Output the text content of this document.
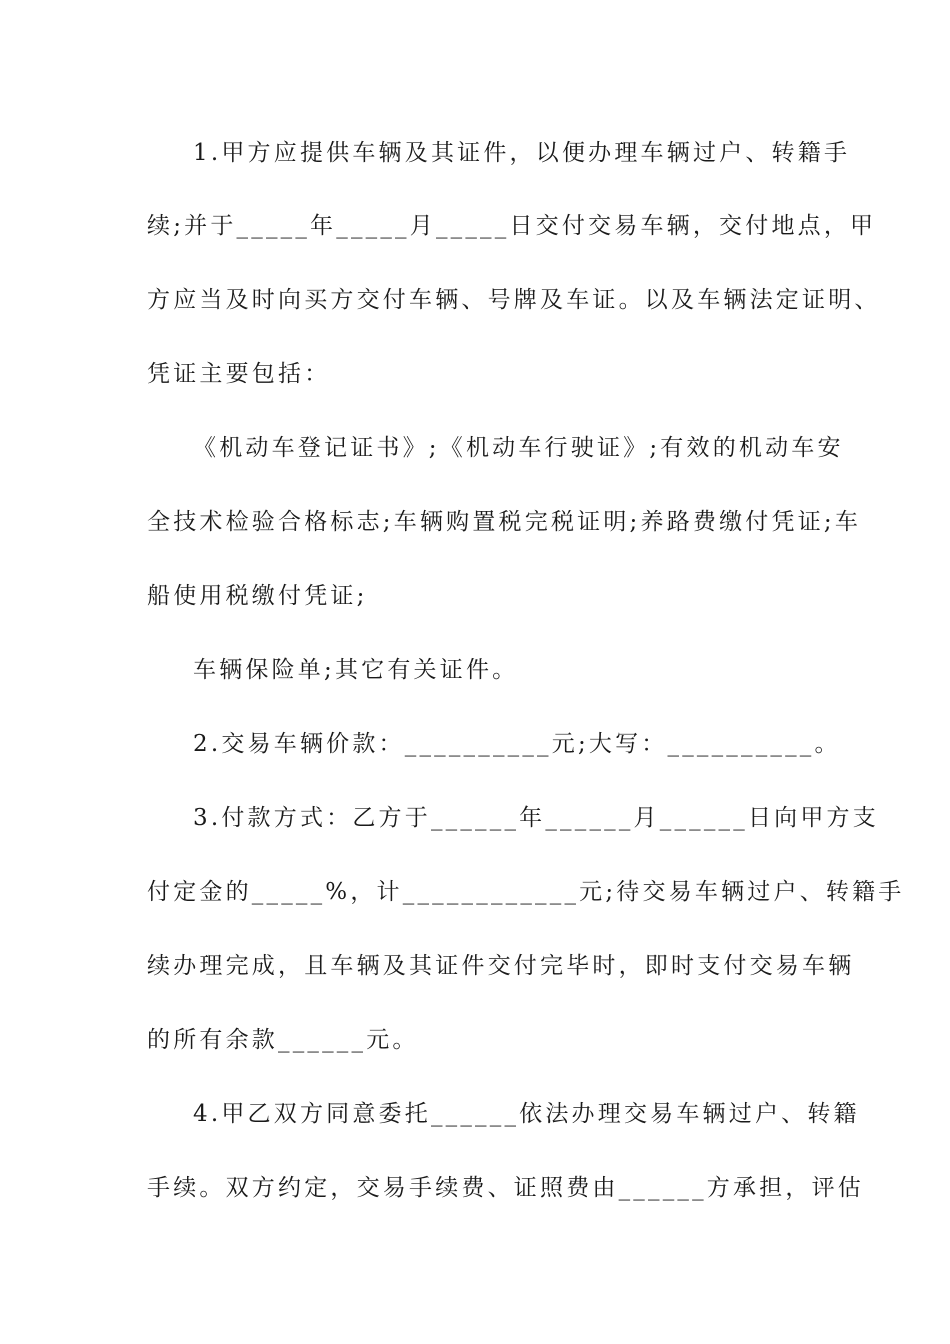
1.甲方应提供车辆及其证件，以便办理车辆过户、转籍手
续;并于_____年_____月_____日交付交易车辆，交付地点，甲
方应当及时向买方交付车辆、号牌及车证。以及车辆法定证明、
凭证主要包括：
《机动车登记证书》;《机动车行驶证》;有效的机动车安
全技术检验合格标志;车辆购置税完税证明;养路费缴付凭证;车
船使用税缴付凭证;
车辆保险单;其它有关证件。
2.交易车辆价款：__________元;大写：__________。
3.付款方式：乙方于______年______月______日向甲方支
付定金的_____%，计____________元;待交易车辆过户、转籍手
续办理完成，且车辆及其证件交付完毕时，即时支付交易车辆
的所有余款______元。
4.甲乙双方同意委托______依法办理交易车辆过户、转籍
手续。双方约定，交易手续费、证照费由______方承担，评估
